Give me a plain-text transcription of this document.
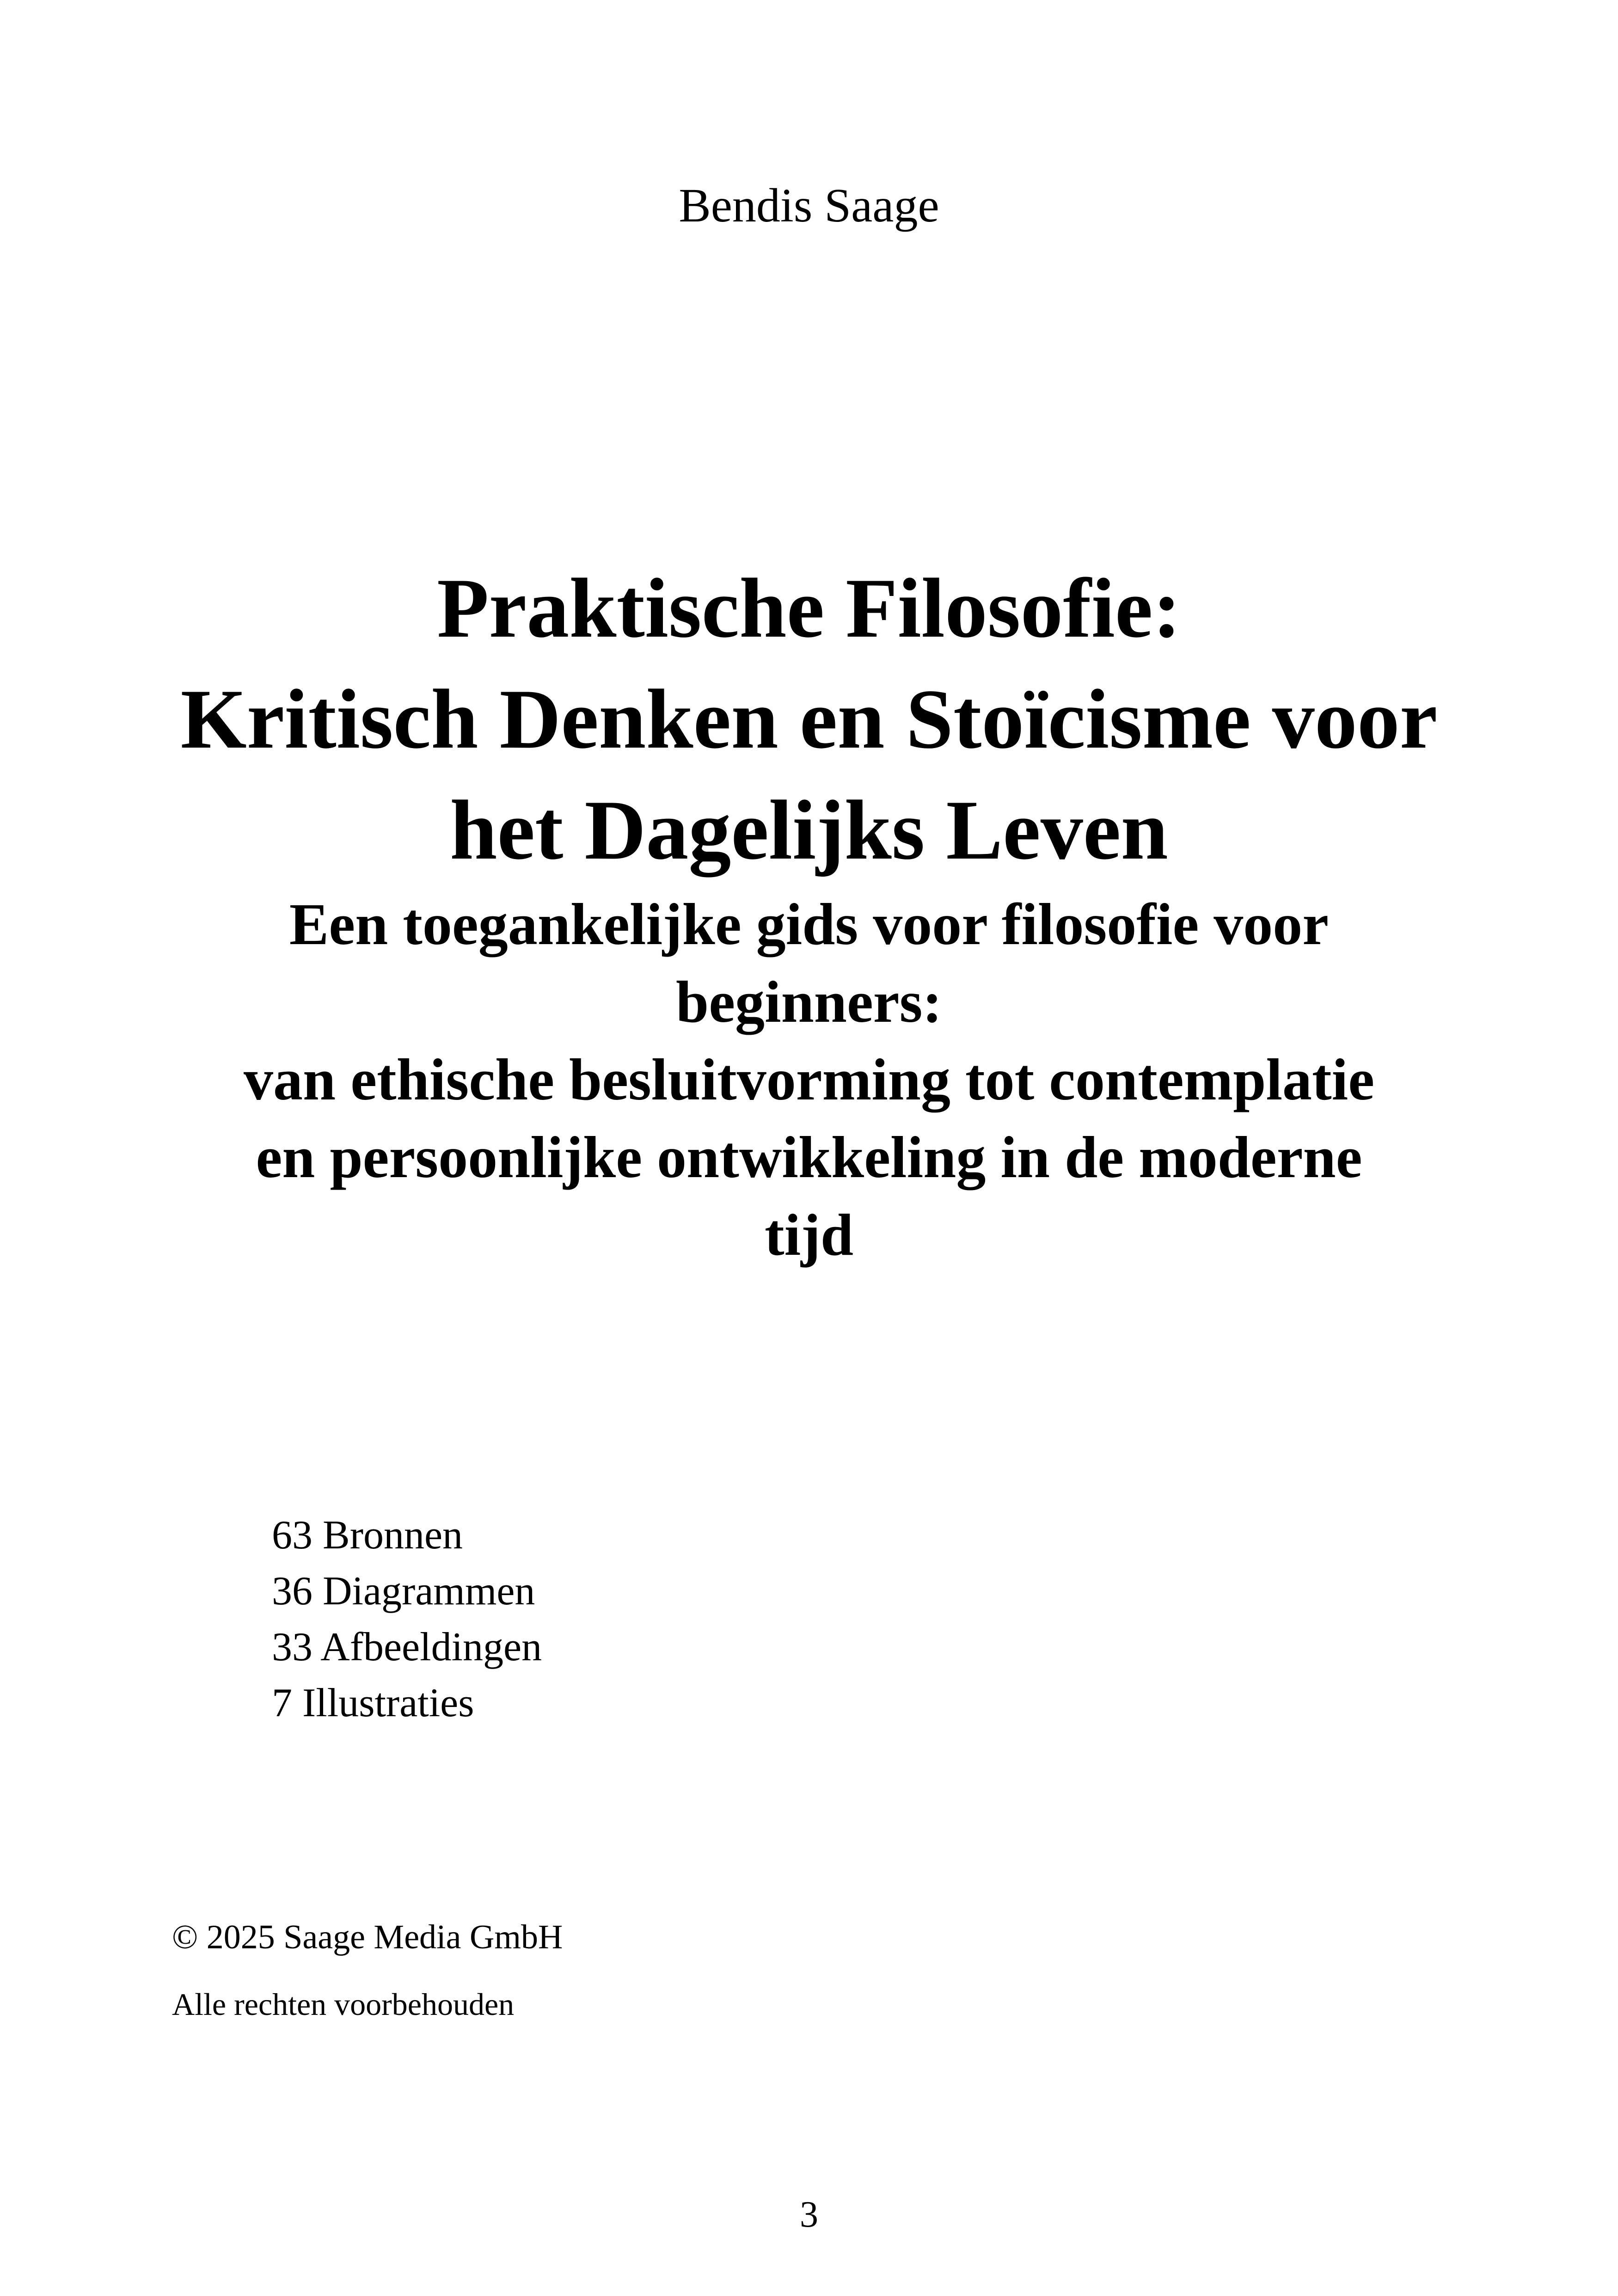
Bendis Saage
Praktische Filosofie:
Kritisch Denken en Stoïcisme voor
het Dagelijks Leven
Een toegankelijke gids voor filosofie voor
beginners:
van ethische besluitvorming tot contemplatie
en persoonlijke ontwikkeling in de moderne
tijd
63 Bronnen
36 Diagrammen
33 Afbeeldingen
7 Illustraties
© 2025 Saage Media GmbH
Alle rechten voorbehouden
3
